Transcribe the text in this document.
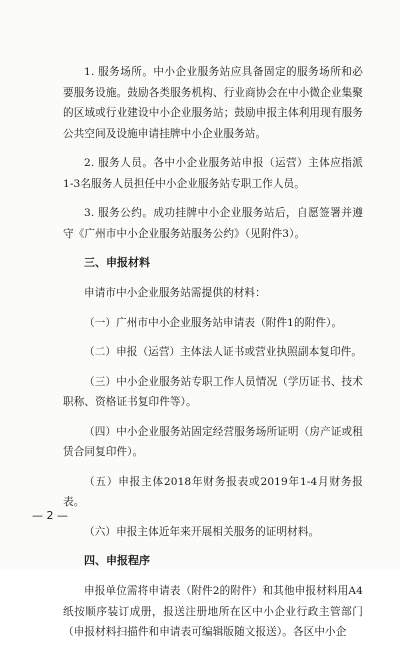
1. 服务场所。中小企业服务站应具备固定的服务场所和必要服务设施。鼓励各类服务机构、行业商协会在中小微企业集聚的区域或行业建设中小企业服务站；鼓励申报主体利用现有服务公共空间及设施申请挂牌中小企业服务站。

2. 服务人员。各中小企业服务站申报（运营）主体应指派1-3名服务人员担任中小企业服务站专职工作人员。

3. 服务公约。成功挂牌中小企业服务站后，自愿签署并遵守《广州市中小企业服务站服务公约》（见附件3）。

三、申报材料

申请市中小企业服务站需提供的材料：

（一）广州市中小企业服务站申请表（附件1的附件）。

（二）申报（运营）主体法人证书或营业执照副本复印件。

（三）中小企业服务站专职工作人员情况（学历证书、技术职称、资格证书复印件等）。

（四）中小企业服务站固定经营服务场所证明（房产证或租赁合同复印件）。

（五）申报主体2018年财务报表或2019年1-4月财务报表。

（六）申报主体近年来开展相关服务的证明材料。

四、申报程序

申报单位需将申请表（附件2的附件）和其他申报材料用A4纸按顺序装订成册，报送注册地所在区中小企业行政主管部门（申报材料扫描件和申请表可编辑版随文报送）。各区中小企

— 2 —
